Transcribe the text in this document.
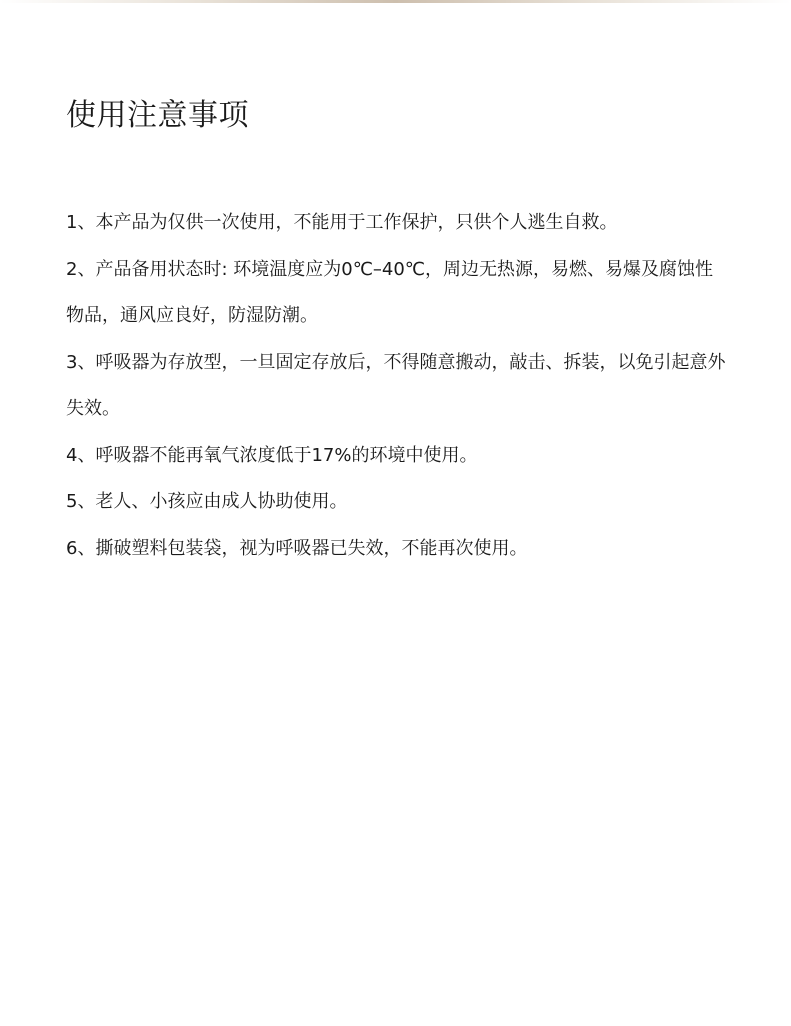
使用注意事项
1、本产品为仅供一次使用，不能用于工作保护，只供个人逃生自救。
2、产品备用状态时: 环境温度应为0℃–40℃，周边无热源，易燃、易爆及腐蚀性物品，通风应良好，防湿防潮。
3、呼吸器为存放型，一旦固定存放后，不得随意搬动，敲击、拆装，以免引起意外失效。
4、呼吸器不能再氧气浓度低于17%的环境中使用。
5、老人、小孩应由成人协助使用。
6、撕破塑料包装袋，视为呼吸器已失效，不能再次使用。
